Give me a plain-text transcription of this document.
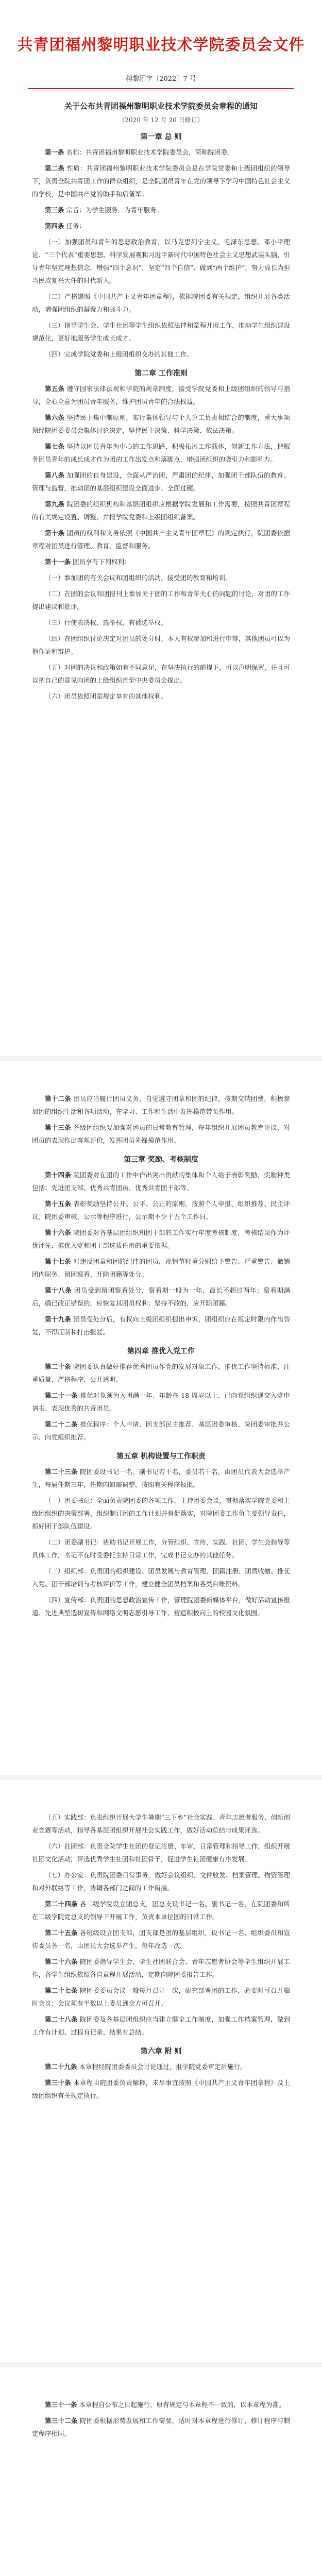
共青团福州黎明职业技术学院委员会文件
榕黎团字〔2022〕7 号
关于公布共青团福州黎明职业技术学院委员会章程的通知
（2020 年 12 月 20 日修订）
第一章 总 则

第一条 名称：共青团福州黎明职业技术学院委员会，简称院团委。

第二条 性质：共青团福州黎明职业技术学院委员会是在学院党委和上级团组织的领导下，负责全院共青团工作的群众组织，是全院团员青年在党的领导下学习中国特色社会主义的学校，是中国共产党的助手和后备军。

第三条 宗旨：为学生服务，为青年服务。

第四条 任务：

（一）加强团员和青年的思想政治教育，以马克思列宁主义、毛泽东思想、邓小平理论、“三个代表”重要思想、科学发展观和习近平新时代中国特色社会主义思想武装头脑，引导青年坚定理想信念，增强“四个意识”、坚定“四个自信”、做到“两个维护”，努力成长为担当民族复兴大任的时代新人。

（二）严格遵照《中国共产主义青年团章程》，依据院团委有关规定，组织开展各类活动，增强团组织的凝聚力和战斗力。

（三）指导学生会、学生社团等学生组织依照法律和章程开展工作，推动学生组织建设规范化，更好地服务学生成长成才。

（四）完成学院党委和上级团组织交办的其他工作。

第二章 工作准则

第五条 遵守国家法律法规和学院的规章制度，接受学院党委和上级团组织的领导与指导，全心全意为团员青年服务，维护团员青年的合法权益。

第六条 坚持民主集中制原则，实行集体领导与个人分工负责相结合的制度，重大事项须经院团委委员会集体讨论决定，坚持民主决策、科学决策、依法决策。

第七条 坚持以团员青年为中心的工作思路，积极拓展工作载体，创新工作方法，把服务团员青年的成长成才作为团的工作出发点和落脚点，增强团组织的吸引力和影响力。

第八条 加强团的自身建设，全面从严治团，严肃团的纪律，加强团干部队伍的教育、管理与监督，推动团的基层组织建设全面进步、全面过硬。

第九条 院团委的组织机构和基层团组织应根据学院发展和工作需要，按照共青团章程的有关规定设置、调整，并报学院党委和上级团组织备案。

第十条 团员的权利和义务依照《中国共产主义青年团章程》的规定执行，院团委依据章程对团员进行管理、教育、监督和服务。

第十一条 团员享有下列权利：

（一）参加团的有关会议和团组织的活动，接受团的教育和培训。

（二）在团的会议和团报刊上参加关于团的工作和青年关心的问题的讨论，对团的工作提出建议和批评。

（三）行使表决权、选举权，有被选举权。

（四）在团组织讨论决定对团员的处分时，本人有权参加和进行申辩，其他团员可以为他作证和辩护。

（五）对团的决议和政策如有不同意见，在坚决执行的前提下，可以声明保留，并且可以把自己的意见向团的上级组织直至中央委员会提出。

（六）团员依照团章规定享有的其他权利。

第十二条 团员应当履行团员义务，自觉遵守团章和团的纪律，按期交纳团费，积极参加团的组织生活和各项活动，在学习、工作和生活中发挥模范带头作用。

第十三条 各级团组织要加强对团员的日常教育管理，每年组织开展团员教育评议，对团员的表现作出客观评价，发挥团员先锋模范作用。

第三章 奖励、考核制度

第十四条 院团委对在团的工作中作出突出贡献的集体和个人给予表彰奖励，奖励种类包括：先进团支部、优秀共青团员、优秀共青团干部等。

第十五条 表彰奖励坚持公开、公平、公正的原则，按照个人申报、组织推荐、民主评议、院团委审核、公示等程序进行，公示期不少于五个工作日。

第十六条 院团委对各基层团组织和团干部的工作实行年度考核制度，考核结果作为评优评先、推优入党和团干部选拔任用的重要依据。

第十七条 对违反团章和团的纪律的团员，视情节轻重分别给予警告、严重警告、撤销团内职务、留团察看、开除团籍等处分。

第十八条 团员受到留团察看处分，察看期一般为一年，最长不超过两年；察看期满后，确已改正错误的，应恢复其团员权利；坚持不改的，应开除团籍。

第十九条 团员受处分后，有权向上级团组织提出申诉，团组织应在规定时限内作出答复，不得压制和打击报复。

第四章 推优入党工作

第二十条 院团委认真做好推荐优秀团员作党的发展对象工作，推优工作坚持标准、注重质量、严格程序、公开透明。

第二十一条 推优对象须为入团满一年、年龄在 18 周岁以上、已向党组织递交入党申请书、表现优秀的共青团员。

第二十二条 推优程序：个人申请、团支部民主推荐、基层团委审核、院团委审批并公示、向党组织推荐。

第五章 机构设置与工作职责

第二十三条 院团委设书记一名、副书记若干名，委员若干名，由团员代表大会选举产生，每届任期三年，任期内如需调整，按照有关程序报批。

（一）团委书记：全面负责院团委的各项工作，主持团委会议，贯彻落实学院党委和上级团组织的决策部署，组织制订团的工作计划并督促落实，对院团委工作负主要领导责任，抓好团干部队伍建设。

（二）团委副书记：协助书记开展工作，分管组织、宣传、实践、社团、学生会指导等具体工作，书记不在时受委托主持日常工作，完成书记交办的其他任务。

（三）组织部：负责团的组织建设、团员发展与教育管理、团籍注册、团费收缴、推优入党、团干部培训与考核评价等工作，建立健全团员档案和各类台账资料。

（四）宣传部：负责团的思想政治宣传工作，管理院团委新媒体平台，做好活动宣传报道、先进典型选树宣传和网络文明志愿引导工作，营造积极向上的校园文化氛围。

（五）实践部：负责组织开展大学生暑期“三下乡”社会实践、青年志愿者服务、创新创业竞赛等活动，指导各基层团组织开展社会实践工作，做好活动总结与成果评选。

（六）社团部：负责全院学生社团的登记注册、年审、日常管理和指导工作，组织开展社团文化活动，评选优秀学生社团和社团骨干，促进学生社团健康有序发展。

（七）办公室：负责院团委日常事务，做好会议组织、文件收发、档案管理、物资管理和对外联络等工作，协调各部门之间的工作衔接。

第二十四条 各二级学院设立团总支，团总支设书记一名、副书记一名，在院团委和所在二级学院党总支的领导下开展工作，负责本单位团的日常工作。

第二十五条 各班级设立团支部，团支部是团的基层组织，设书记一名、组织委员和宣传委员各一名，由团员大会选举产生，每年改选一次。

第二十六条 院团委指导学生会、学生社团联合会、青年志愿者协会等学生组织开展工作，各学生组织依照各自章程开展活动，定期向院团委报告工作。

第二十七条 院团委委员会议一般每月召开一次，研究部署团的工作，必要时可召开临时会议；会议须有半数以上委员到会方可召开。

第二十八条 院团委及各基层团组织应当建立健全工作制度，加强工作档案管理，做到工作有计划、过程有记录、结果有总结。

第六章 附 则

第二十九条 本章程经院团委委员会讨论通过，报学院党委审定后施行。

第三十条 本章程由院团委负责解释，未尽事宜按照《中国共产主义青年团章程》及上级团组织有关规定执行。

第三十一条 本章程自公布之日起施行，原有规定与本章程不一致的，以本章程为准。

第三十二条 院团委根据形势发展和工作需要，适时对本章程进行修订，修订程序与制定程序相同。
